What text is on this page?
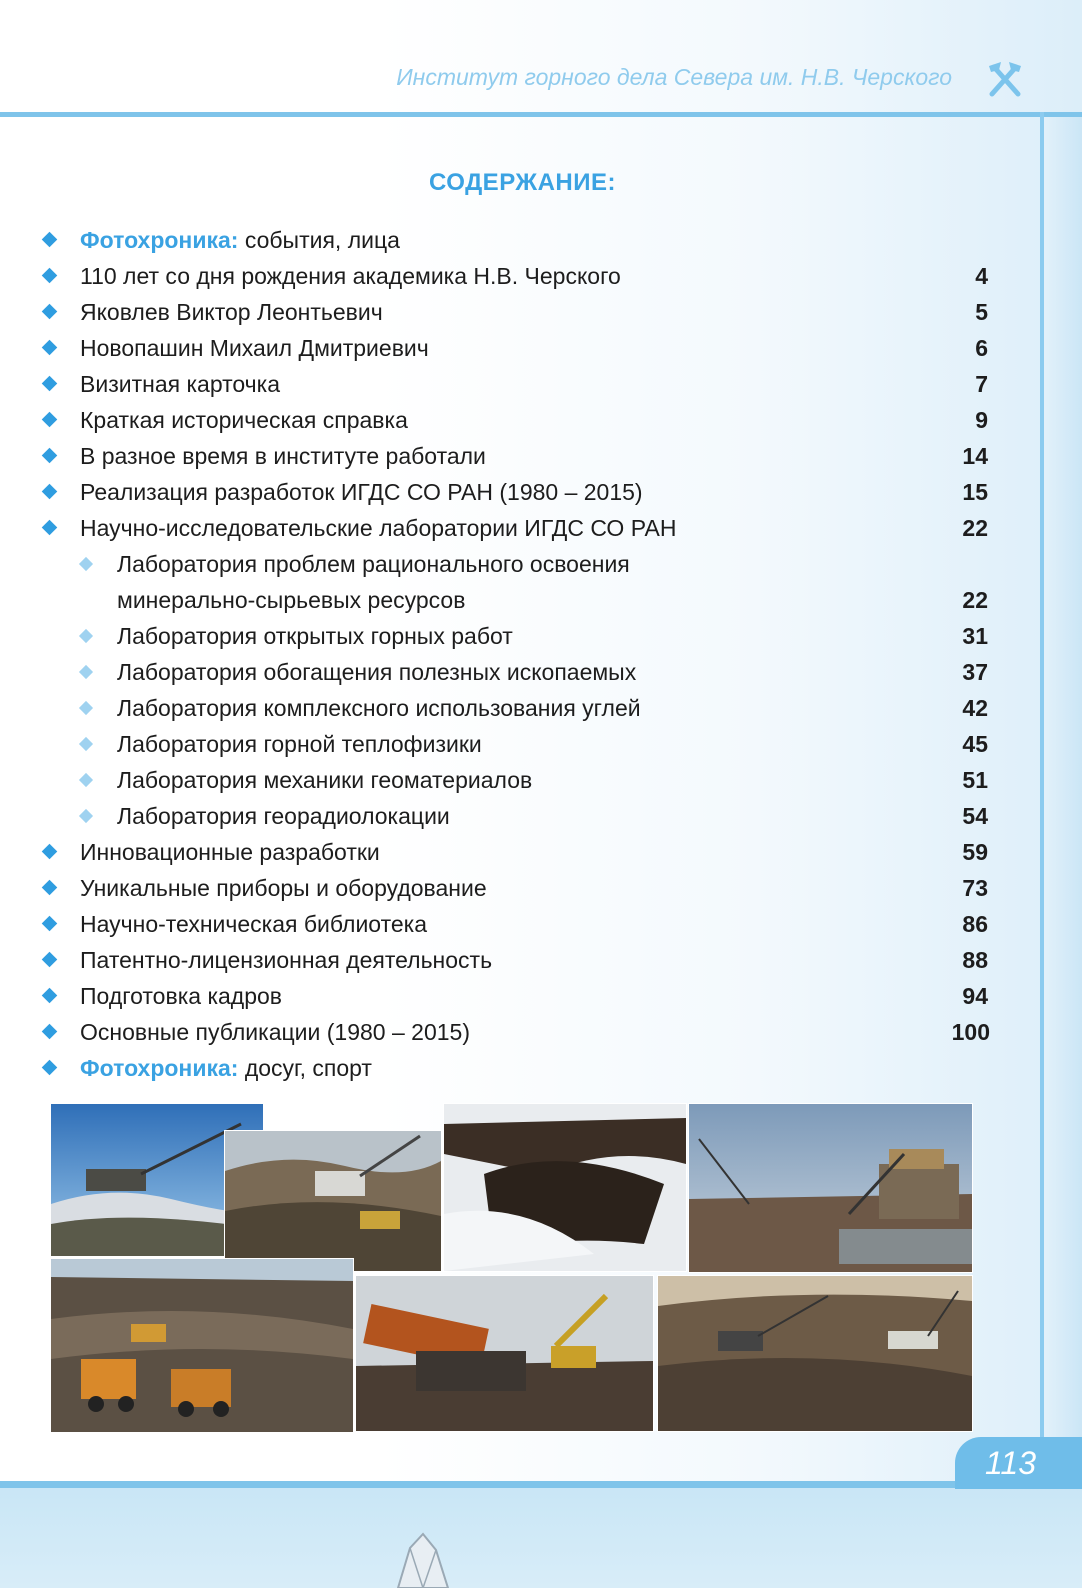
Институт горного дела Севера им. Н.В. Черского
СОДЕРЖАНИЕ:
Фотохроника: события, лица
110 лет со дня рождения академика Н.В. Черского	4
Яковлев Виктор Леонтьевич	5
Новопашин Михаил Дмитриевич	6
Визитная карточка	7
Краткая историческая справка	9
В разное время в институте работали	14
Реализация разработок ИГДС СО РАН (1980 – 2015)	15
Научно-исследовательские лаборатории ИГДС СО РАН	22
Лаборатория проблем рационального освоения
минерально-сырьевых ресурсов	22
Лаборатория открытых горных работ	31
Лаборатория обогащения полезных ископаемых	37
Лаборатория комплексного использования углей	42
Лаборатория горной теплофизики	45
Лаборатория механики геоматериалов	51
Лаборатория георадиолокации	54
Инновационные разработки	59
Уникальные приборы и оборудование	73
Научно-техническая библиотека	86
Патентно-лицензионная деятельность	88
Подготовка кадров	94
Основные публикации (1980 – 2015)	100
Фотохроника: досуг, спорт
113
